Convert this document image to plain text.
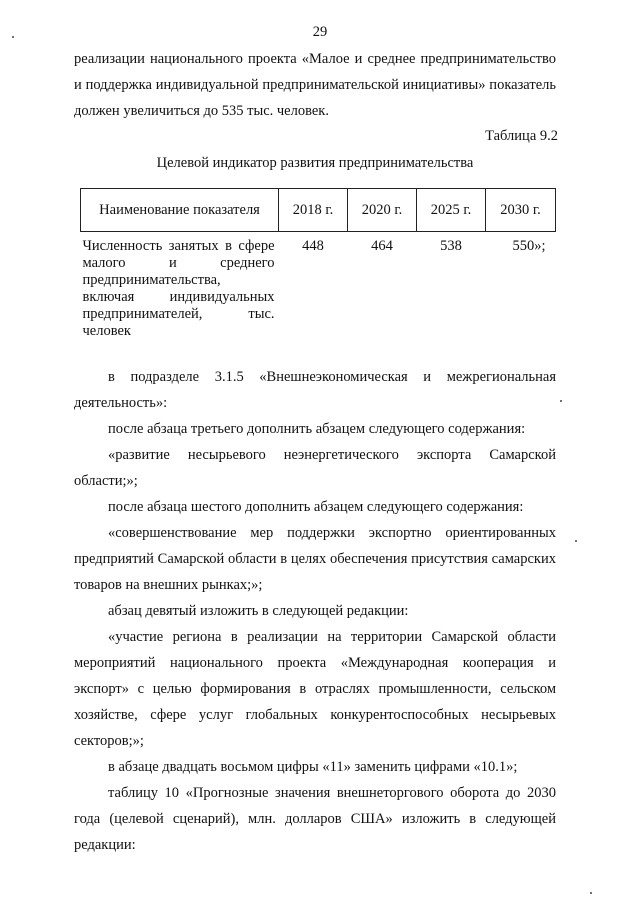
29

реализации национального проекта «Малое и среднее предпринимательство и поддержка индивидуальной предпринимательской инициативы» показатель должен увеличиться до 535 тыс. человек.

Таблица 9.2
Целевой индикатор развития предпринимательства
Наименование показателя	2018 г.	2020 г.	2025 г.	2030 г.
Численность занятых в сфере малого и среднего предпринимательства, включая индивидуальных предпринимателей, тыс. человек	448	464	538	550»;

в подразделе 3.1.5 «Внешнеэкономическая и межрегиональная деятельность»:

после абзаца третьего дополнить абзацем следующего содержания:

«развитие несырьевого неэнергетического экспорта Самарской области;»;

после абзаца шестого дополнить абзацем следующего содержания:

«совершенствование мер поддержки экспортно ориентированных предприятий Самарской области в целях обеспечения присутствия самарских товаров на внешних рынках;»;

абзац девятый изложить в следующей редакции:

«участие региона в реализации на территории Самарской области мероприятий национального проекта «Международная кооперация и экспорт» с целью формирования в отраслях промышленности, сельском хозяйстве, сфере услуг глобальных конкурентоспособных несырьевых секторов;»;

в абзаце двадцать восьмом цифры «11» заменить цифрами «10.1»;

таблицу 10 «Прогнозные значения внешнеторгового оборота до 2030 года (целевой сценарий), млн. долларов США» изложить в следующей редакции:
